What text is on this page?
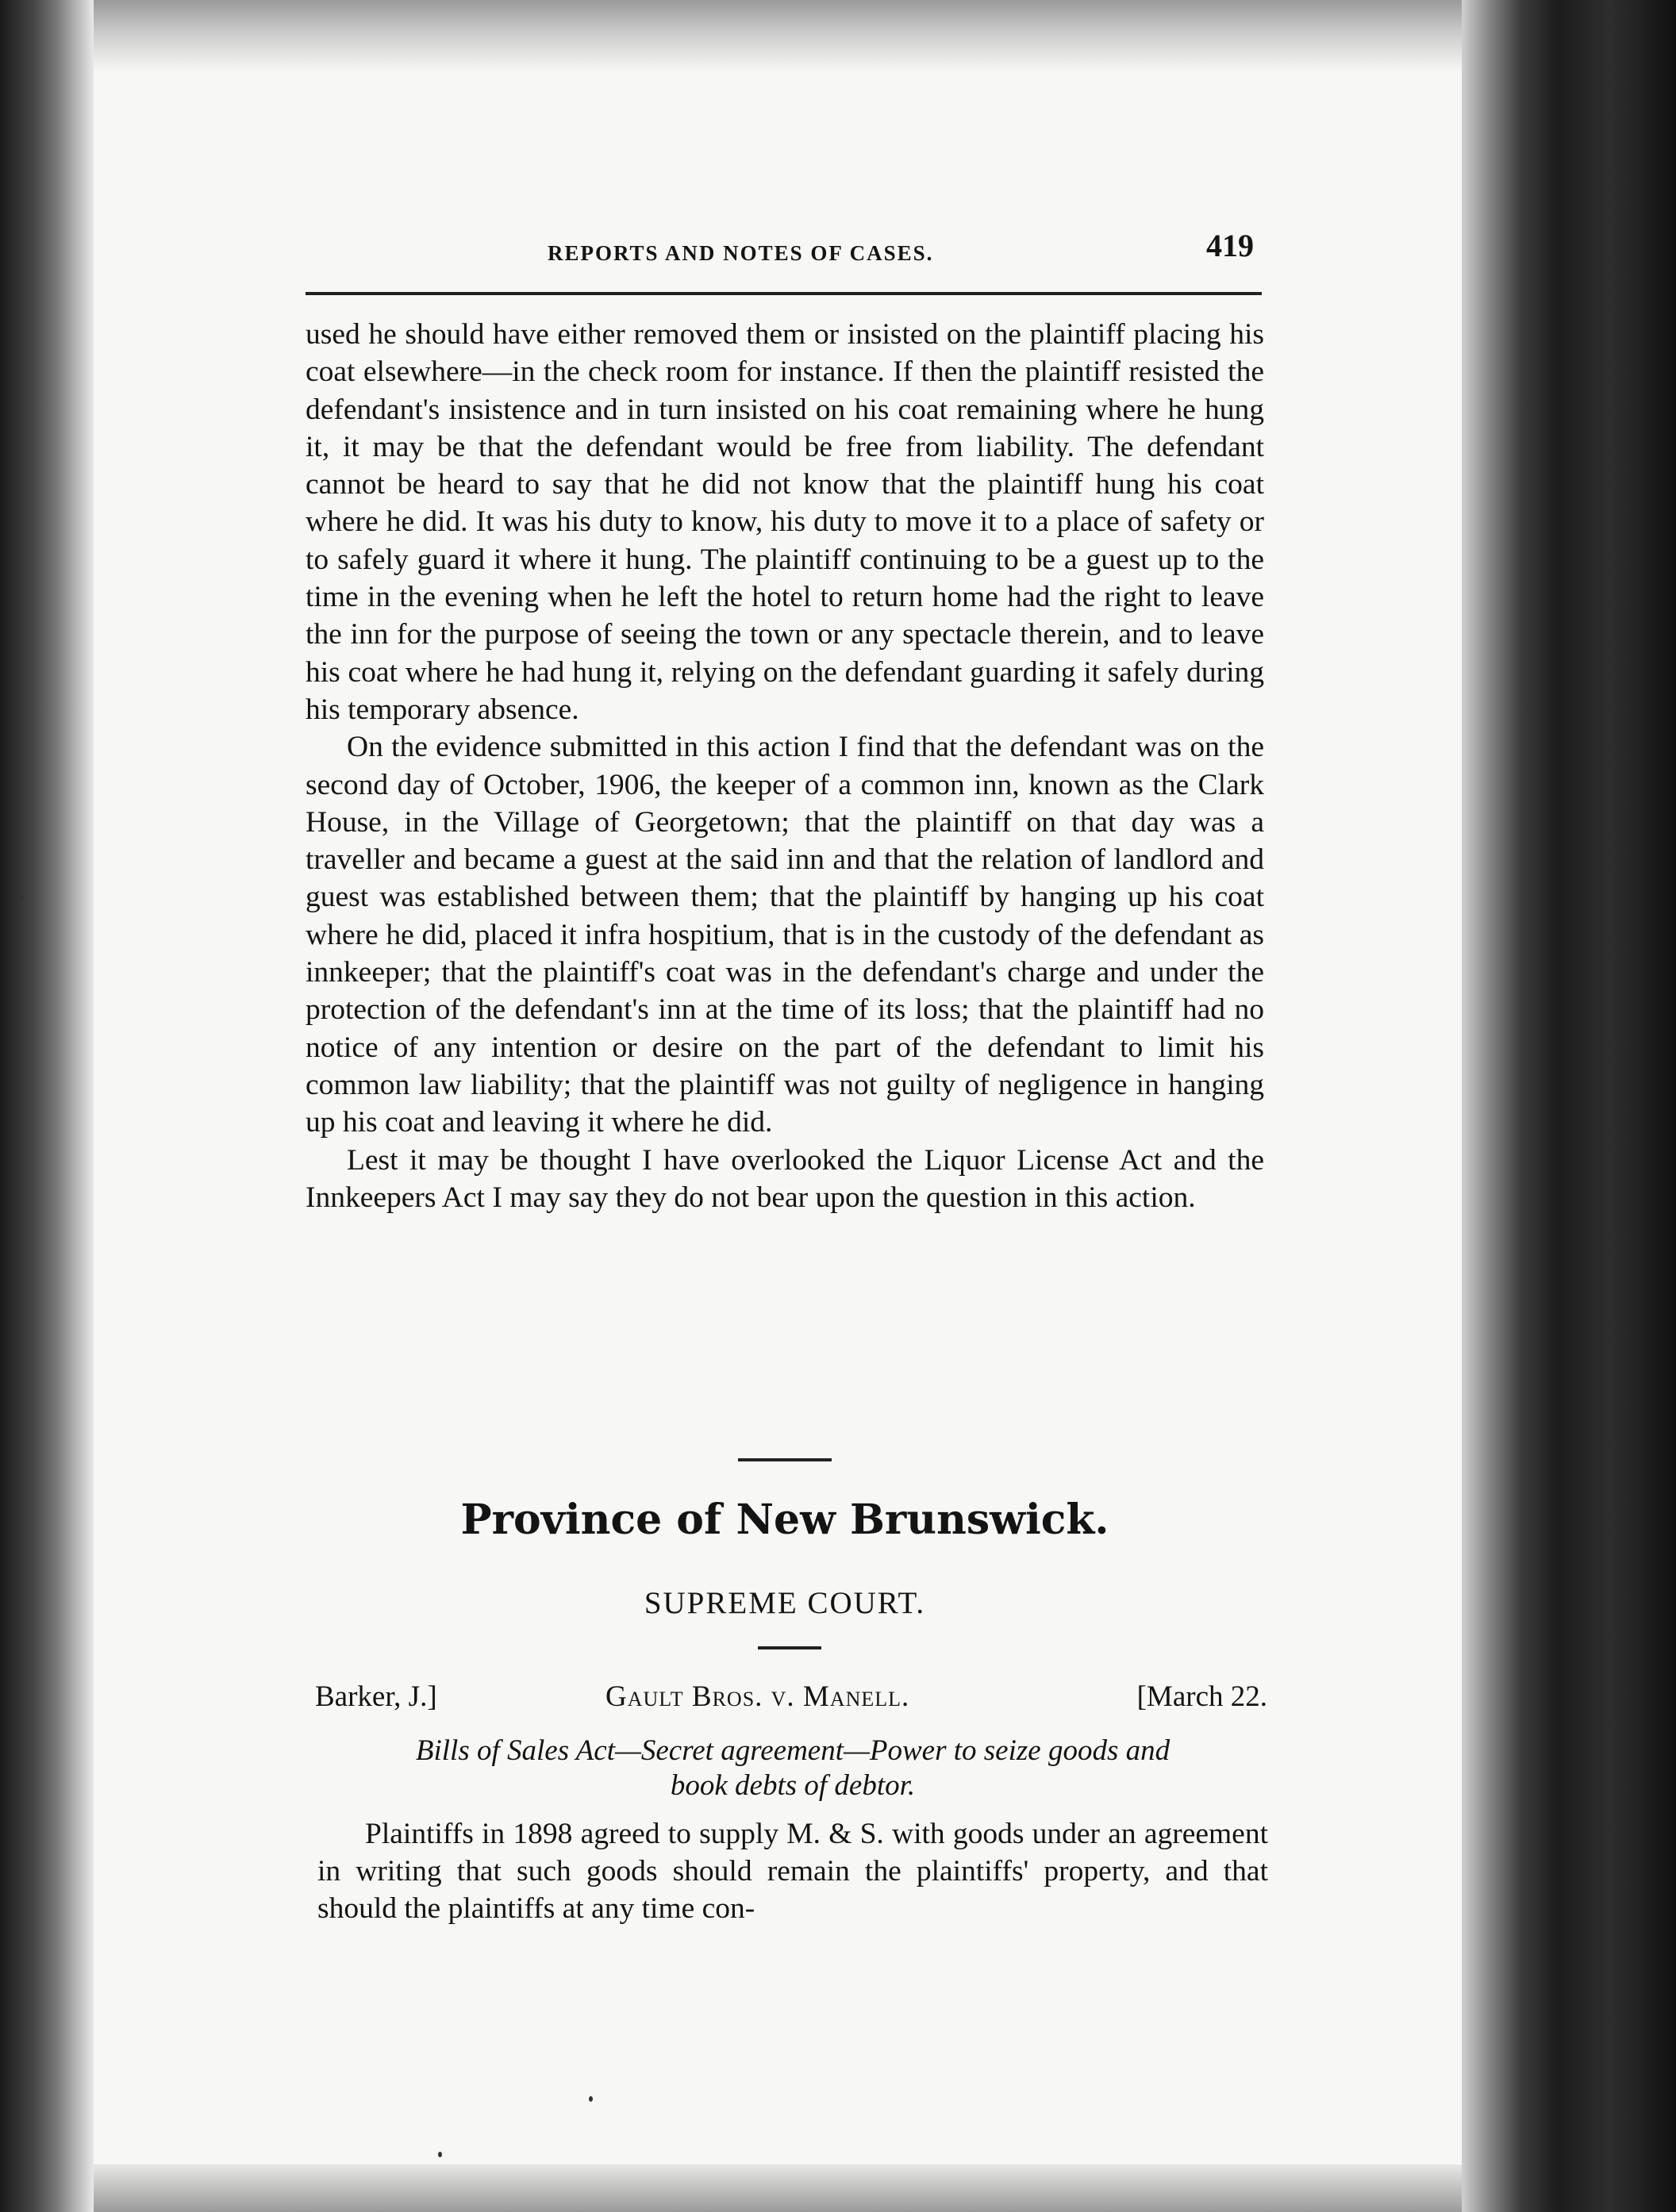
REPORTS AND NOTES OF CASES.	419

used he should have either removed them or insisted on the plaintiff placing his coat elsewhere—in the check room for instance. If then the plaintiff resisted the defendant's insistence and in turn insisted on his coat remaining where he hung it, it may be that the defendant would be free from liability. The defendant cannot be heard to say that he did not know that the plaintiff hung his coat where he did. It was his duty to know, his duty to move it to a place of safety or to safely guard it where it hung. The plaintiff continuing to be a guest up to the time in the evening when he left the hotel to return home had the right to leave the inn for the purpose of seeing the town or any spectacle therein, and to leave his coat where he had hung it, relying on the defendant guarding it safely during his temporary absence.

On the evidence submitted in this action I find that the defendant was on the second day of October, 1906, the keeper of a common inn, known as the Clark House, in the Village of Georgetown; that the plaintiff on that day was a traveller and became a guest at the said inn and that the relation of landlord and guest was established between them; that the plaintiff by hanging up his coat where he did, placed it infra hospitium, that is in the custody of the defendant as innkeeper; that the plaintiff's coat was in the defendant's charge and under the protection of the defendant's inn at the time of its loss; that the plaintiff had no notice of any intention or desire on the part of the defendant to limit his common law liability; that the plaintiff was not guilty of negligence in hanging up his coat and leaving it where he did.

Lest it may be thought I have overlooked the Liquor License Act and the Innkeepers Act I may say they do not bear upon the question in this action.

Province of New Brunswick.
SUPREME COURT.
Barker, J.]	Gault Bros. v. Manell.	[March 22.
Bills of Sales Act—Secret agreement—Power to seize goods and
book debts of debtor.

Plaintiffs in 1898 agreed to supply M. & S. with goods under an agreement in writing that such goods should remain the plaintiffs' property, and that should the plaintiffs at any time con-
